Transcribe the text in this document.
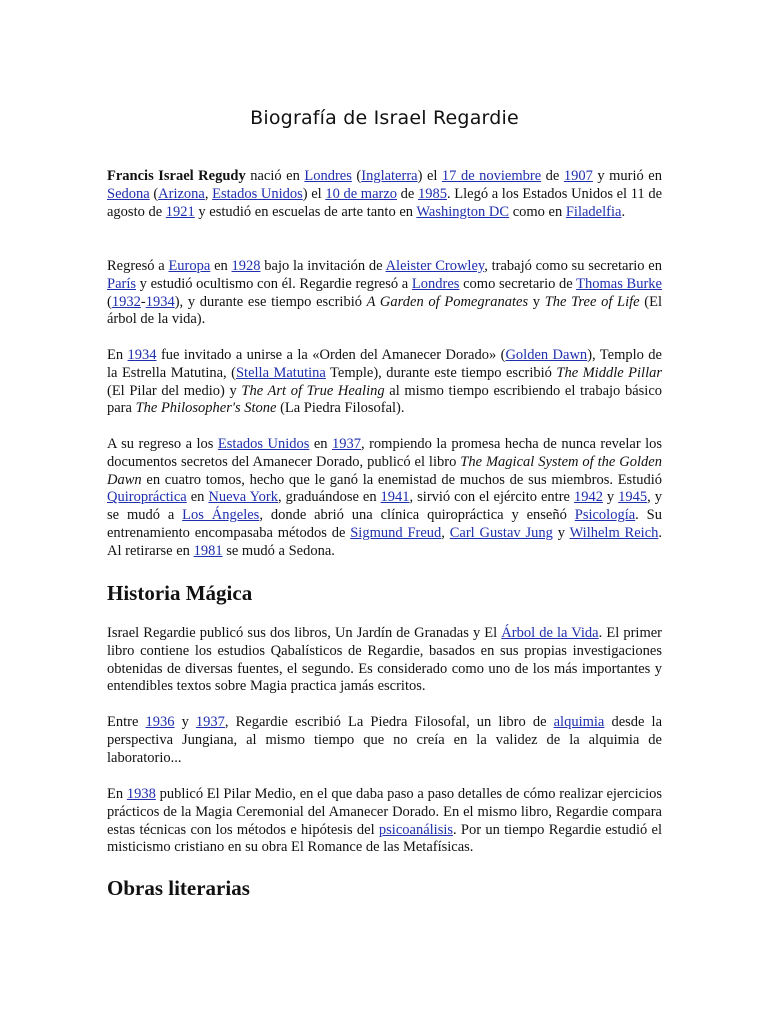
Biografía de Israel Regardie

Francis Israel Regudy nació en Londres (Inglaterra) el 17 de noviembre de 1907 y murió en Sedona (Arizona, Estados Unidos) el 10 de marzo de 1985. Llegó a los Estados Unidos el 11 de agosto de 1921 y estudió en escuelas de arte tanto en Washington DC como en Filadelfia.

Regresó a Europa en 1928 bajo la invitación de Aleister Crowley, trabajó como su secretario en París y estudió ocultismo con él. Regardie regresó a Londres como secretario de Thomas Burke (1932-1934), y durante ese tiempo escribió A Garden of Pomegranates y The Tree of Life (El árbol de la vida).

En 1934 fue invitado a unirse a la «Orden del Amanecer Dorado» (Golden Dawn), Templo de la Estrella Matutina, (Stella Matutina Temple), durante este tiempo escribió The Middle Pillar (El Pilar del medio) y The Art of True Healing al mismo tiempo escribiendo el trabajo básico para The Philosopher's Stone (La Piedra Filosofal).

A su regreso a los Estados Unidos en 1937, rompiendo la promesa hecha de nunca revelar los documentos secretos del Amanecer Dorado, publicó el libro The Magical System of the Golden Dawn en cuatro tomos, hecho que le ganó la enemistad de muchos de sus miembros. Estudió Quiropráctica en Nueva York, graduándose en 1941, sirvió con el ejército entre 1942 y 1945, y se mudó a Los Ángeles, donde abrió una clínica quiropráctica y enseñó Psicología. Su entrenamiento encompasaba métodos de Sigmund Freud, Carl Gustav Jung y Wilhelm Reich. Al retirarse en 1981 se mudó a Sedona.

Historia Mágica

Israel Regardie publicó sus dos libros, Un Jardín de Granadas y El Árbol de la Vida. El primer libro contiene los estudios Qabalísticos de Regardie, basados en sus propias investigaciones obtenidas de diversas fuentes, el segundo. Es considerado como uno de los más importantes y entendibles textos sobre Magia practica jamás escritos.

Entre 1936 y 1937, Regardie escribió La Piedra Filosofal, un libro de alquimia desde la perspectiva Jungiana, al mismo tiempo que no creía en la validez de la alquimia de laboratorio...

En 1938 publicó El Pilar Medio, en el que daba paso a paso detalles de cómo realizar ejercicios prácticos de la Magia Ceremonial del Amanecer Dorado. En el mismo libro, Regardie compara estas técnicas con los métodos e hipótesis del psicoanálisis. Por un tiempo Regardie estudió el misticismo cristiano en su obra El Romance de las Metafísicas.

Obras literarias
